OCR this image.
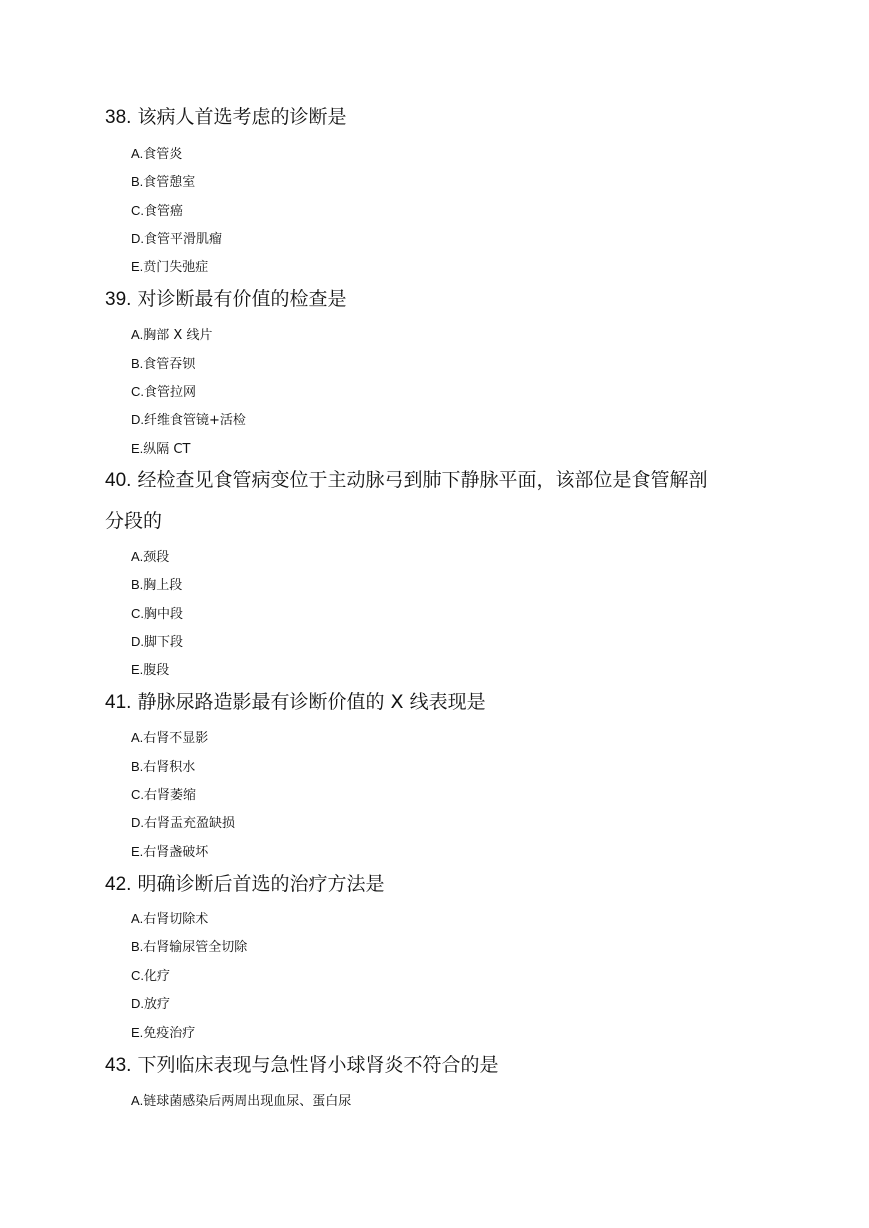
38. 该病人首选考虑的诊断是
A.食管炎
B.食管憩室
C.食管癌
D.食管平滑肌瘤
E.贲门失弛症
39. 对诊断最有价值的检查是
A.胸部 X 线片
B.食管吞钡
C.食管拉网
D.纤维食管镜+活检
E.纵隔 CT
40. 经检查见食管病变位于主动脉弓到肺下静脉平面，该部位是食管解剖
分段的
A.颈段
B.胸上段
C.胸中段
D.脚下段
E.腹段
41. 静脉尿路造影最有诊断价值的 X 线表现是
A.右肾不显影
B.右肾积水
C.右肾萎缩
D.右肾盂充盈缺损
E.右肾盏破坏
42. 明确诊断后首选的治疗方法是
A.右肾切除术
B.右肾输尿管全切除
C.化疗
D.放疗
E.免疫治疗
43. 下列临床表现与急性肾小球肾炎不符合的是
A.链球菌感染后两周出现血尿、蛋白尿
